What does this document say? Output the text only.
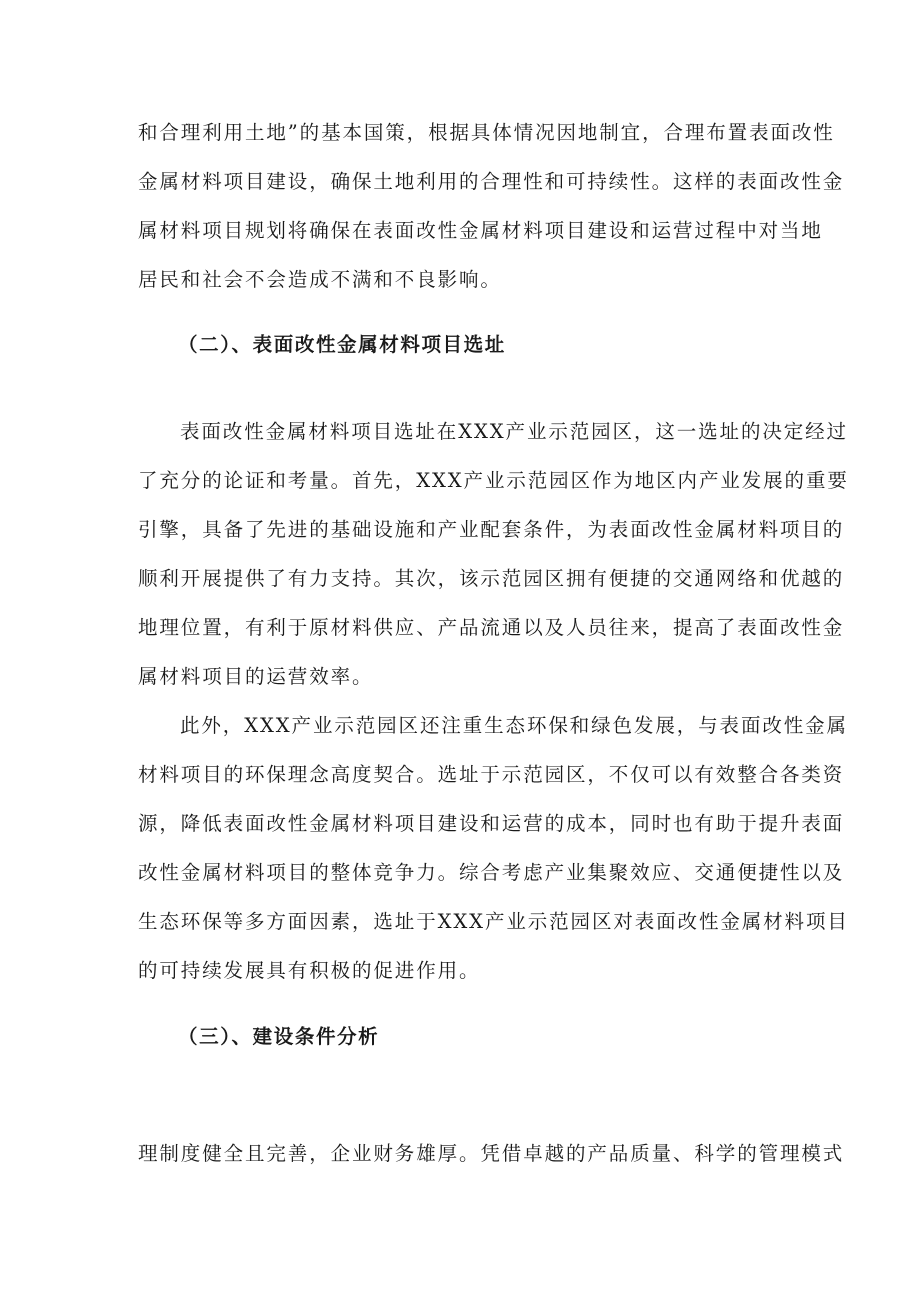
和合理利用土地”的基本国策，根据具体情况因地制宜，合理布置表面改性
金属材料项目建设，确保土地利用的合理性和可持续性。这样的表面改性金
属材料项目规划将确保在表面改性金属材料项目建设和运营过程中对当地
居民和社会不会造成不满和不良影响。
（二）、表面改性金属材料项目选址
表面改性金属材料项目选址在XXX产业示范园区，这一选址的决定经过
了充分的论证和考量。首先，XXX产业示范园区作为地区内产业发展的重要
引擎，具备了先进的基础设施和产业配套条件，为表面改性金属材料项目的
顺利开展提供了有力支持。其次，该示范园区拥有便捷的交通网络和优越的
地理位置，有利于原材料供应、产品流通以及人员往来，提高了表面改性金
属材料项目的运营效率。
此外，XXX产业示范园区还注重生态环保和绿色发展，与表面改性金属
材料项目的环保理念高度契合。选址于示范园区，不仅可以有效整合各类资
源，降低表面改性金属材料项目建设和运营的成本，同时也有助于提升表面
改性金属材料项目的整体竞争力。综合考虑产业集聚效应、交通便捷性以及
生态环保等多方面因素，选址于XXX产业示范园区对表面改性金属材料项目
的可持续发展具有积极的促进作用。
（三）、建设条件分析
理制度健全且完善，企业财务雄厚。凭借卓越的产品质量、科学的管理模式
